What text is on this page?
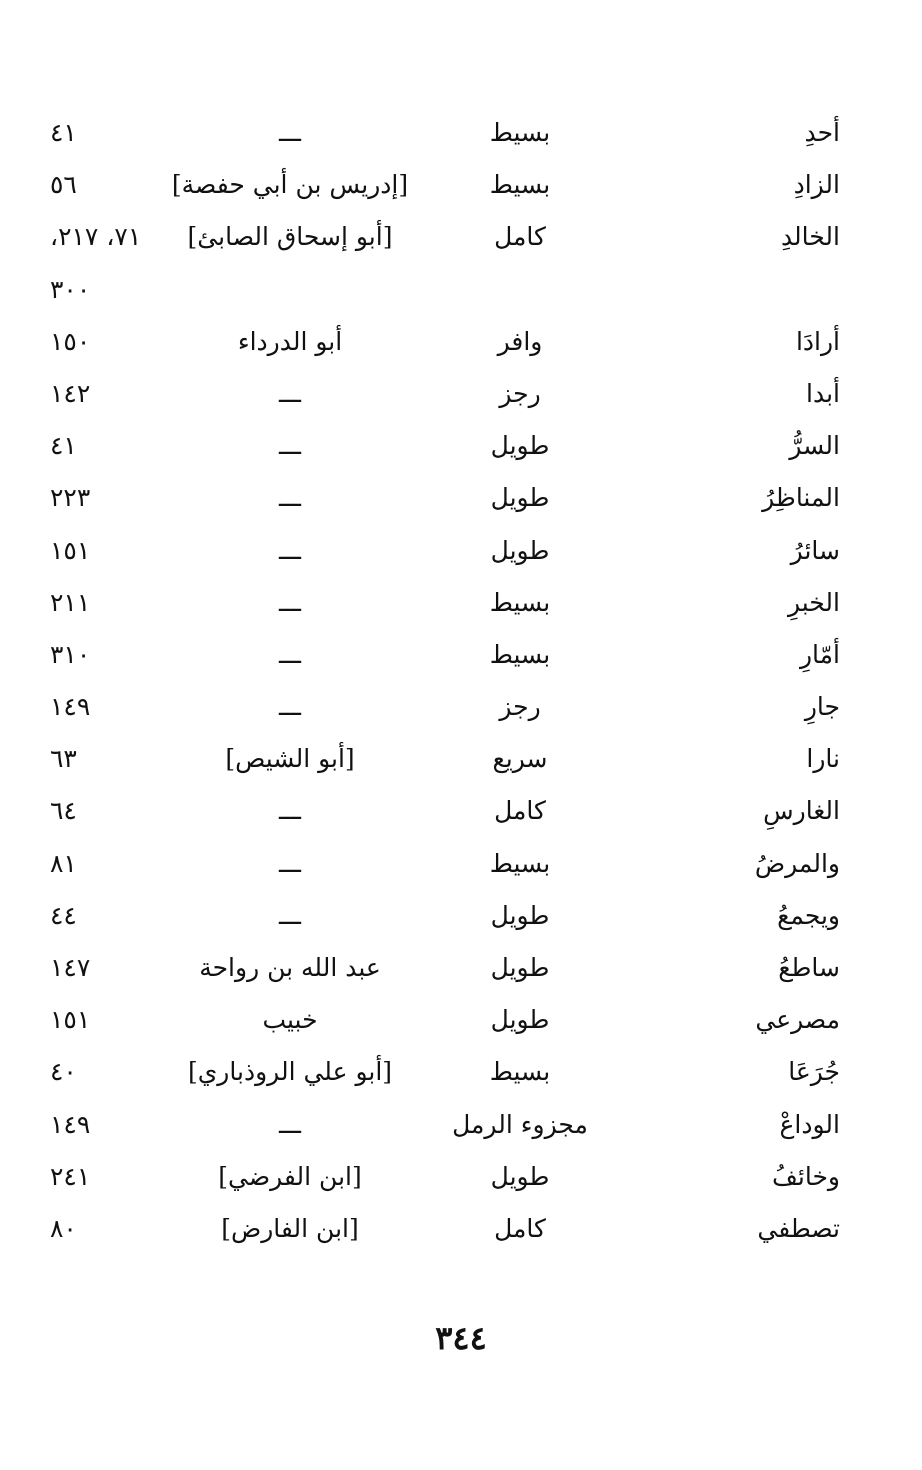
أحدِ
بسيط
ـــ
٤١
الزادِ
بسيط
[إدريس بن أبي حفصة]
٥٦
الخالدِ
كامل
[أبو إسحاق الصابئ]
٧١، ٢١٧،
٣٠٠
أرادَا
وافر
أبو الدرداء
١٥٠
أبدا
رجز
ـــ
١٤٢
السرُّ
طويل
ـــ
٤١
المناظِرُ
طويل
ـــ
٢٢٣
سائرُ
طويل
ـــ
١٥١
الخبرِ
بسيط
ـــ
٢١١
أمّارِ
بسيط
ـــ
٣١٠
جارِ
رجز
ـــ
١٤٩
نارا
سريع
[أبو الشيص]
٦٣
الغارسِ
كامل
ـــ
٦٤
والمرضُ
بسيط
ـــ
٨١
ويجمعُ
طويل
ـــ
٤٤
ساطعُ
طويل
عبد الله بن رواحة
١٤٧
مصرعي
طويل
خبيب
١٥١
جُرَعَا
بسيط
[أبو علي الروذباري]
٤٠
الوداعْ
مجزوء الرمل
ـــ
١٤٩
وخائفُ
طويل
[ابن الفرضي]
٢٤١
تصطفي
كامل
[ابن الفارض]
٨٠
٣٤٤
